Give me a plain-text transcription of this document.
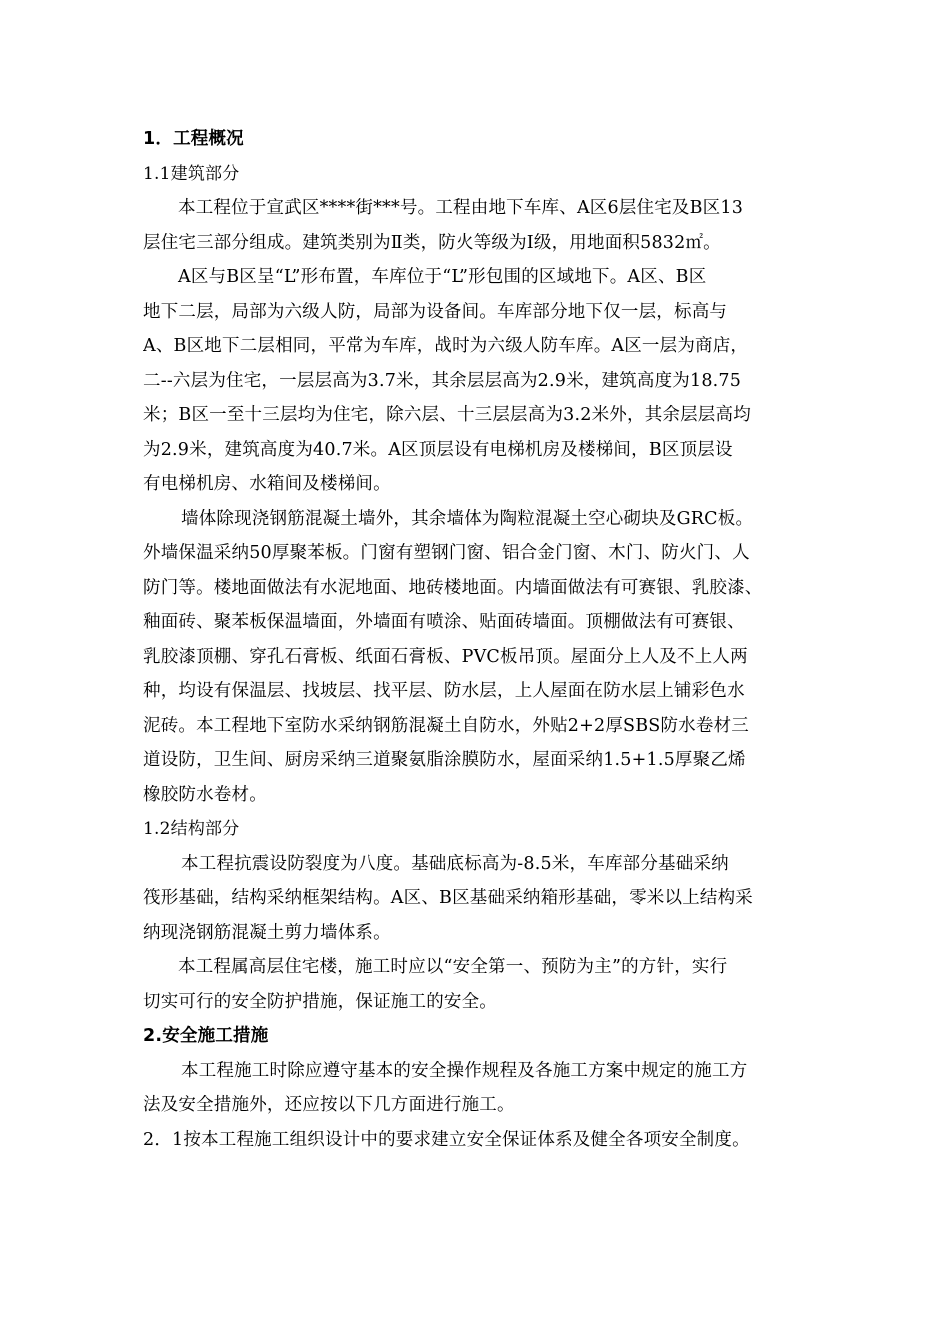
1．工程概况
1.1建筑部分
本工程位于宣武区****街***号。工程由地下车库、A区6层住宅及B区13
层住宅三部分组成。建筑类别为Ⅱ类，防火等级为Ⅰ级，用地面积5832㎡。
A区与B区呈“L”形布置，车库位于“L”形包围的区域地下。A区、B区
地下二层，局部为六级人防，局部为设备间。车库部分地下仅一层，标高与
A、B区地下二层相同，平常为车库，战时为六级人防车库。A区一层为商店，
二--六层为住宅，一层层高为3.7米，其余层层高为2.9米，建筑高度为18.75
米；B区一至十三层均为住宅，除六层、十三层层高为3.2米外，其余层层高均
为2.9米，建筑高度为40.7米。A区顶层设有电梯机房及楼梯间，B区顶层设
有电梯机房、水箱间及楼梯间。
墙体除现浇钢筋混凝土墙外，其余墙体为陶粒混凝土空心砌块及GRC板。
外墙保温采纳50厚聚苯板。门窗有塑钢门窗、铝合金门窗、木门、防火门、人
防门等。楼地面做法有水泥地面、地砖楼地面。内墙面做法有可赛银、乳胶漆、
釉面砖、聚苯板保温墙面，外墙面有喷涂、贴面砖墙面。顶棚做法有可赛银、
乳胶漆顶棚、穿孔石膏板、纸面石膏板、PVC板吊顶。屋面分上人及不上人两
种，均设有保温层、找坡层、找平层、防水层，上人屋面在防水层上铺彩色水
泥砖。本工程地下室防水采纳钢筋混凝土自防水，外贴2+2厚SBS防水卷材三
道设防，卫生间、厨房采纳三道聚氨脂涂膜防水，屋面采纳1.5+1.5厚聚乙烯
橡胶防水卷材。
1.2结构部分
本工程抗震设防裂度为八度。基础底标高为-8.5米，车库部分基础采纳
筏形基础，结构采纳框架结构。A区、B区基础采纳箱形基础，零米以上结构采
纳现浇钢筋混凝土剪力墙体系。
本工程属高层住宅楼，施工时应以“安全第一、预防为主”的方针，实行
切实可行的安全防护措施，保证施工的安全。
2.安全施工措施
本工程施工时除应遵守基本的安全操作规程及各施工方案中规定的施工方
法及安全措施外，还应按以下几方面进行施工。
2．1按本工程施工组织设计中的要求建立安全保证体系及健全各项安全制度。
